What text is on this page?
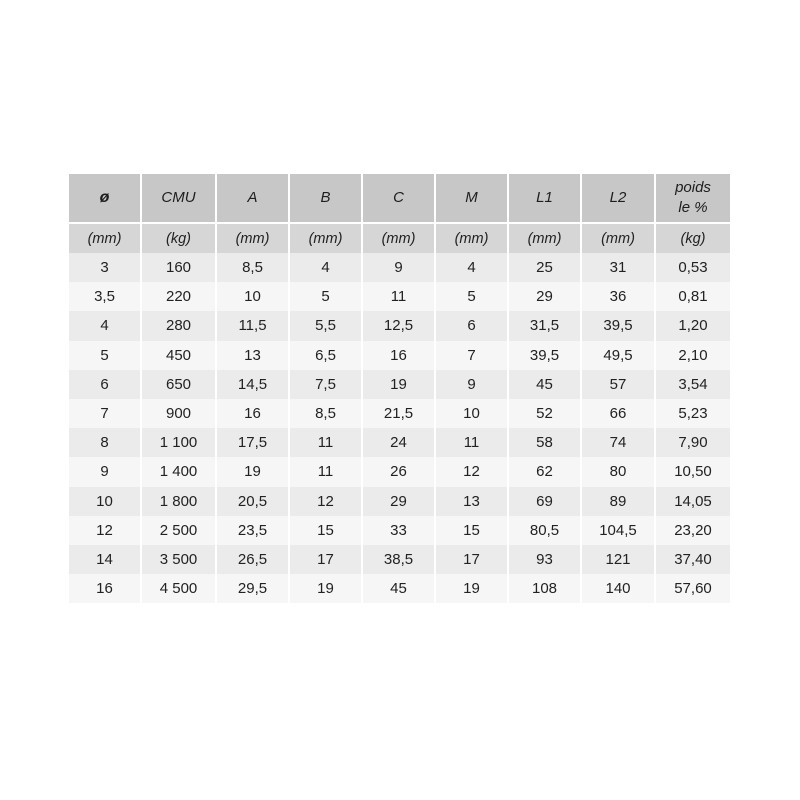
ø	CMU	A	B	C	M	L1	L2	poids
le %

(mm)	(kg)	(mm)	(mm)	(mm)	(mm)	(mm)	(mm)	(kg)
3	160	8,5	4	9	4	25	31	0,53
3,5	220	10	5	11	5	29	36	0,81
4	280	11,5	5,5	12,5	6	31,5	39,5	1,20
5	450	13	6,5	16	7	39,5	49,5	2,10
6	650	14,5	7,5	19	9	45	57	3,54
7	900	16	8,5	21,5	10	52	66	5,23
8	1 100	17,5	11	24	11	58	74	7,90
9	1 400	19	11	26	12	62	80	10,50
10	1 800	20,5	12	29	13	69	89	14,05
12	2 500	23,5	15	33	15	80,5	104,5	23,20
14	3 500	26,5	17	38,5	17	93	121	37,40
16	4 500	29,5	19	45	19	108	140	57,60
